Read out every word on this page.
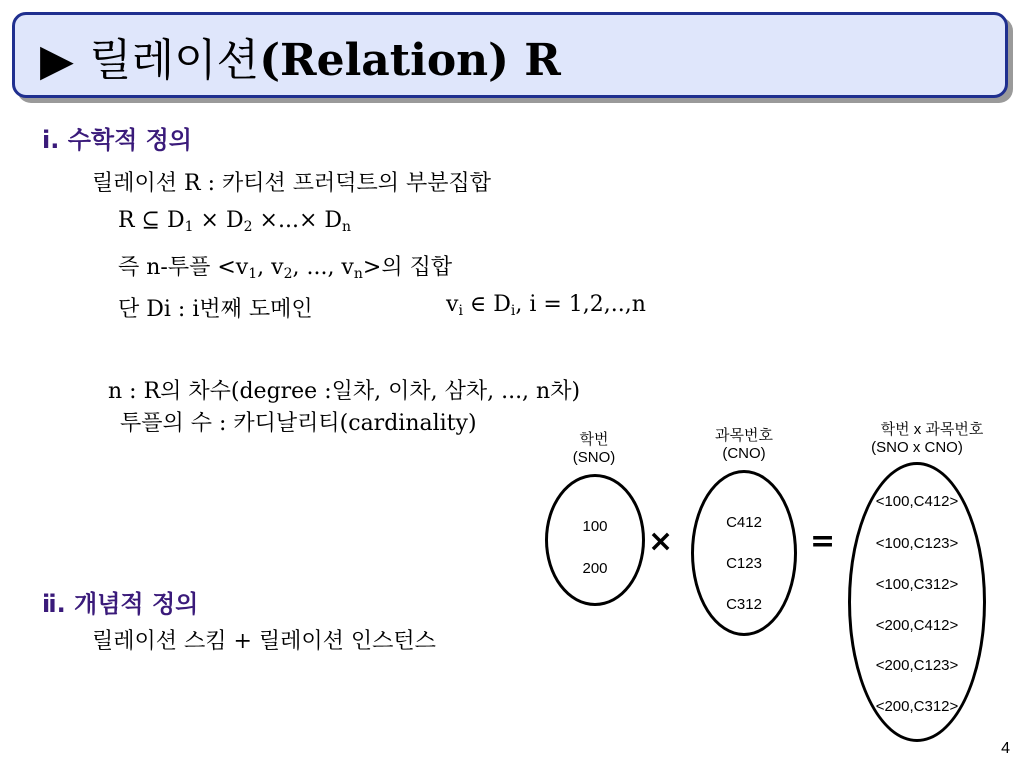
▶ 릴레이션(Relation) R
ⅰ. 수학적 정의
릴레이션 R : 카티션 프러덕트의 부분집합
R ⊆ $D_1 \times D_2$ ×...× $D_n$
즉 n-투플 $<v_1$, $v_2$, ..., $v_n>$의 집합
단 Di : i번째 도메인	$v_i$ ∈ $D_i$, i = 1,2,..,n
n : R의 차수(degree :일차, 이차, 삼차, ..., n차)
투플의 수 : 카디날리티(cardinality)
ⅱ. 개념적 정의
릴레이션 스킴 + 릴레이션 인스턴스
학번
(SNO)
100
200
×
과목번호
(CNO)
C412
C123
C312
=
학번 x 과목번호
(SNO x CNO)
<100,C412>
<100,C123>
<100,C312>
<200,C412>
<200,C123>
<200,C312>
4
